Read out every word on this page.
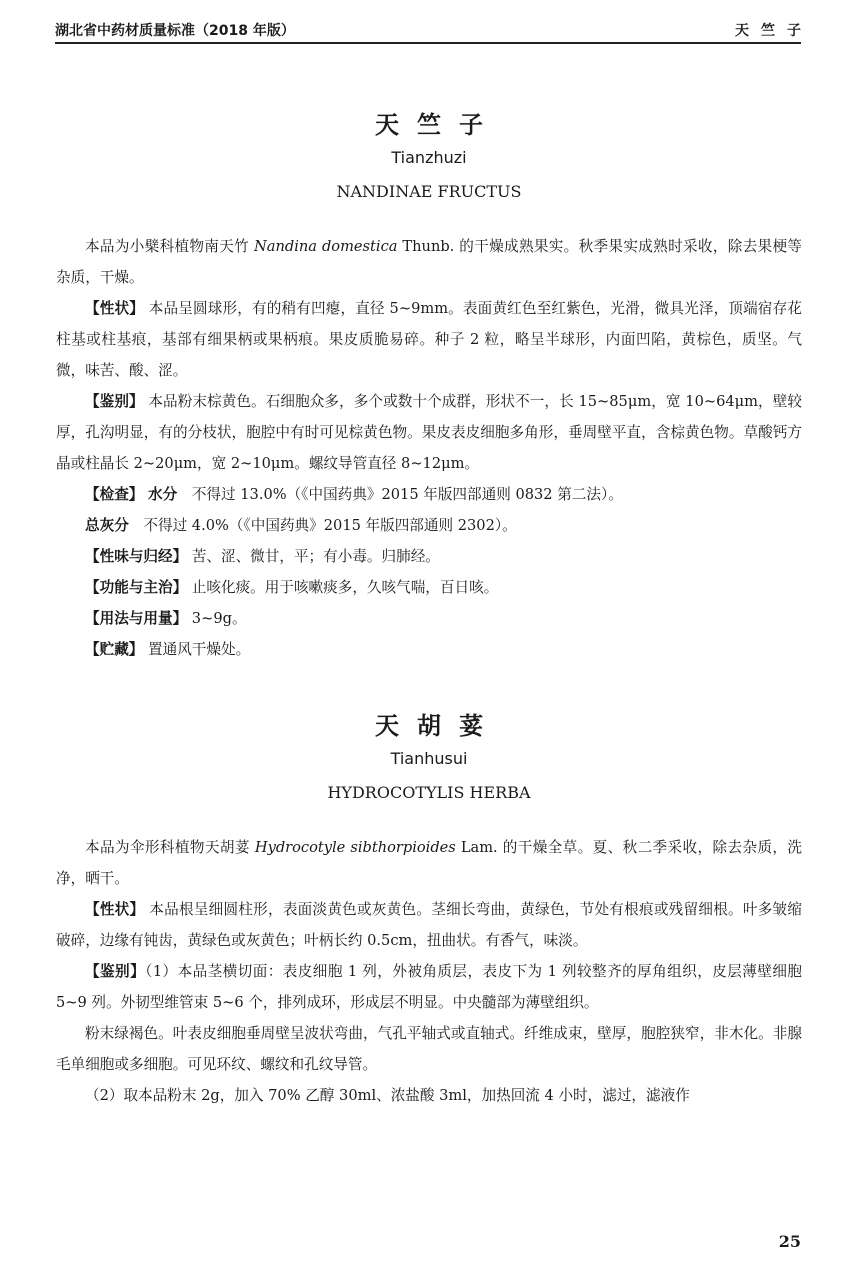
湖北省中药材质量标准（2018 年版）	天竺子
天竺子
Tianzhuzi
NANDINAE FRUCTUS

本品为小檗科植物南天竹 Nandina domestica Thunb. 的干燥成熟果实。秋季果实成熟时采收，除去果梗等杂质，干燥。

【性状】 本品呈圆球形，有的稍有凹瘪，直径 5~9mm。表面黄红色至红紫色，光滑，微具光泽，顶端宿存花柱基或柱基痕，基部有细果柄或果柄痕。果皮质脆易碎。种子 2 粒，略呈半球形，内面凹陷，黄棕色，质坚。气微，味苦、酸、涩。

【鉴别】 本品粉末棕黄色。石细胞众多，多个或数十个成群，形状不一，长 15~85μm，宽 10~64μm，壁较厚，孔沟明显，有的分枝状，胞腔中有时可见棕黄色物。果皮表皮细胞多角形，垂周壁平直，含棕黄色物。草酸钙方晶或柱晶长 2~20μm，宽 2~10μm。螺纹导管直径 8~12μm。

【检查】 水分　不得过 13.0%（《中国药典》2015 年版四部通则 0832 第二法）。

总灰分　不得过 4.0%（《中国药典》2015 年版四部通则 2302）。

【性味与归经】 苦、涩、微甘，平；有小毒。归肺经。

【功能与主治】 止咳化痰。用于咳嗽痰多，久咳气喘，百日咳。

【用法与用量】 3~9g。

【贮藏】 置通风干燥处。

天胡荽
Tianhusui
HYDROCOTYLIS HERBA

本品为伞形科植物天胡荽 Hydrocotyle sibthorpioides Lam. 的干燥全草。夏、秋二季采收，除去杂质，洗净，晒干。

【性状】 本品根呈细圆柱形，表面淡黄色或灰黄色。茎细长弯曲，黄绿色，节处有根痕或残留细根。叶多皱缩破碎，边缘有钝齿，黄绿色或灰黄色；叶柄长约 0.5cm，扭曲状。有香气，味淡。

【鉴别】（1）本品茎横切面：表皮细胞 1 列，外被角质层，表皮下为 1 列较整齐的厚角组织，皮层薄壁细胞 5~9 列。外韧型维管束 5~6 个，排列成环，形成层不明显。中央髓部为薄壁组织。

粉末绿褐色。叶表皮细胞垂周壁呈波状弯曲，气孔平轴式或直轴式。纤维成束，壁厚，胞腔狭窄，非木化。非腺毛单细胞或多细胞。可见环纹、螺纹和孔纹导管。

（2）取本品粉末 2g，加入 70% 乙醇 30ml、浓盐酸 3ml，加热回流 4 小时，滤过，滤液作

25
